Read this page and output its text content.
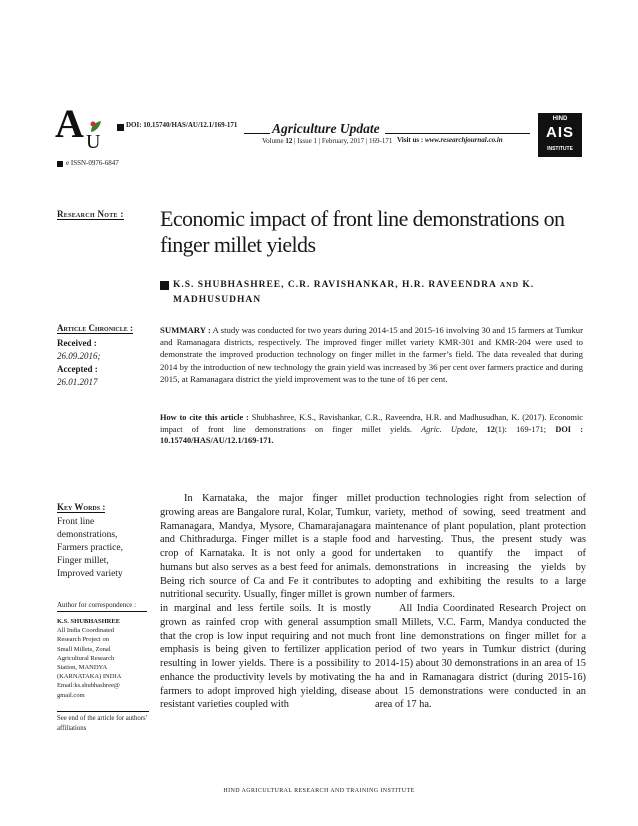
A U
DOI: 10.15740/HAS/AU/12.1/169-171	Agriculture Update
Volume 12 | Issue 1 | February, 2017 | 169-171 Visit us : www.researchjournal.co.in
HIND
AIS
INSTITUTE
e ISSN-0976-6847
Research Note :
Article Chronicle :
Received :
26.09.2016;
Accepted :
26.01.2017
Key Words :
Front line
demonstrations,
Farmers practice,
Finger millet,
Improved variety
Author for correspondence :
K.S. SHUBHASHREE
All India Coordinated
Research Project on
Small Millets, Zonal
Agricultural Research
Station, MANDYA
(KARNATAKA) INDIA
Email:ks.shubhashree@
gmail.com
See end of the article for authors' affiliations
Economic impact of front line demonstrations on finger millet yields
K.S. SHUBHASHREE, C.R. RAVISHANKAR, H.R. RAVEENDRA AND K. MADHUSUDHAN
SUMMARY : A study was conducted for two years during 2014-15 and 2015-16 involving 30 and 15 farmers at Tumkur and Ramanagara districts, respectively. The improved finger millet variety KMR-301 and KMR-204 were used to demonstrate the improved production technology on finger millet in the farmer’s field. The data revealed that during 2014 by the introduction of new technology the grain yield was increased by 36 per cent over farmers practice and during 2015, at Ramanagara district the yield improvement was to the tune of 16 per cent.
How to cite this article : Shubhashree, K.S., Ravishankar, C.R., Raveendra, H.R. and Madhusudhan, K. (2017). Economic impact of front line demonstrations on finger millet yields. Agric. Update, 12(1): 169-171; DOI : 10.15740/HAS/AU/12.1/169-171.

In Karnataka, the major finger millet growing areas are Bangalore rural, Kolar, Tumkur, Ramanagara, Mandya, Mysore, Chamarajanagara and Chithradurga. Finger millet is a staple food crop of Karnataka. It is not only a good for humans but also serves as a best feed for animals. Being rich source of Ca and Fe it contributes to nutritional security. Usually, finger millet is grown in marginal and less fertile soils. It is mostly grown as rainfed crop with general assumption that the crop is low input requiring and not much emphasis is being given to fertilizer application resulting in lower yields. There is a possibility to enhance the productivity levels by motivating the farmers to adopt improved high yielding, disease resistant varieties coupled with

production technologies right from selection of variety, method of sowing, seed treatment and maintenance of plant population, plant protection and harvesting. Thus, the present study was undertaken to quantify the impact of demonstrations in increasing the yields by adopting and exhibiting the results to a large number of farmers.

All India Coordinated Research Project on small Millets, V.C. Farm, Mandya conducted the front line demonstrations on finger millet for a period of two years in Tumkur district (during 2014-15) about 30 demonstrations in an area of 15 ha and in Ramanagara district (during 2015-16) about 15 demonstrations were conducted in an area of 17 ha.

HIND AGRICULTURAL RESEARCH AND TRAINING INSTITUTE
